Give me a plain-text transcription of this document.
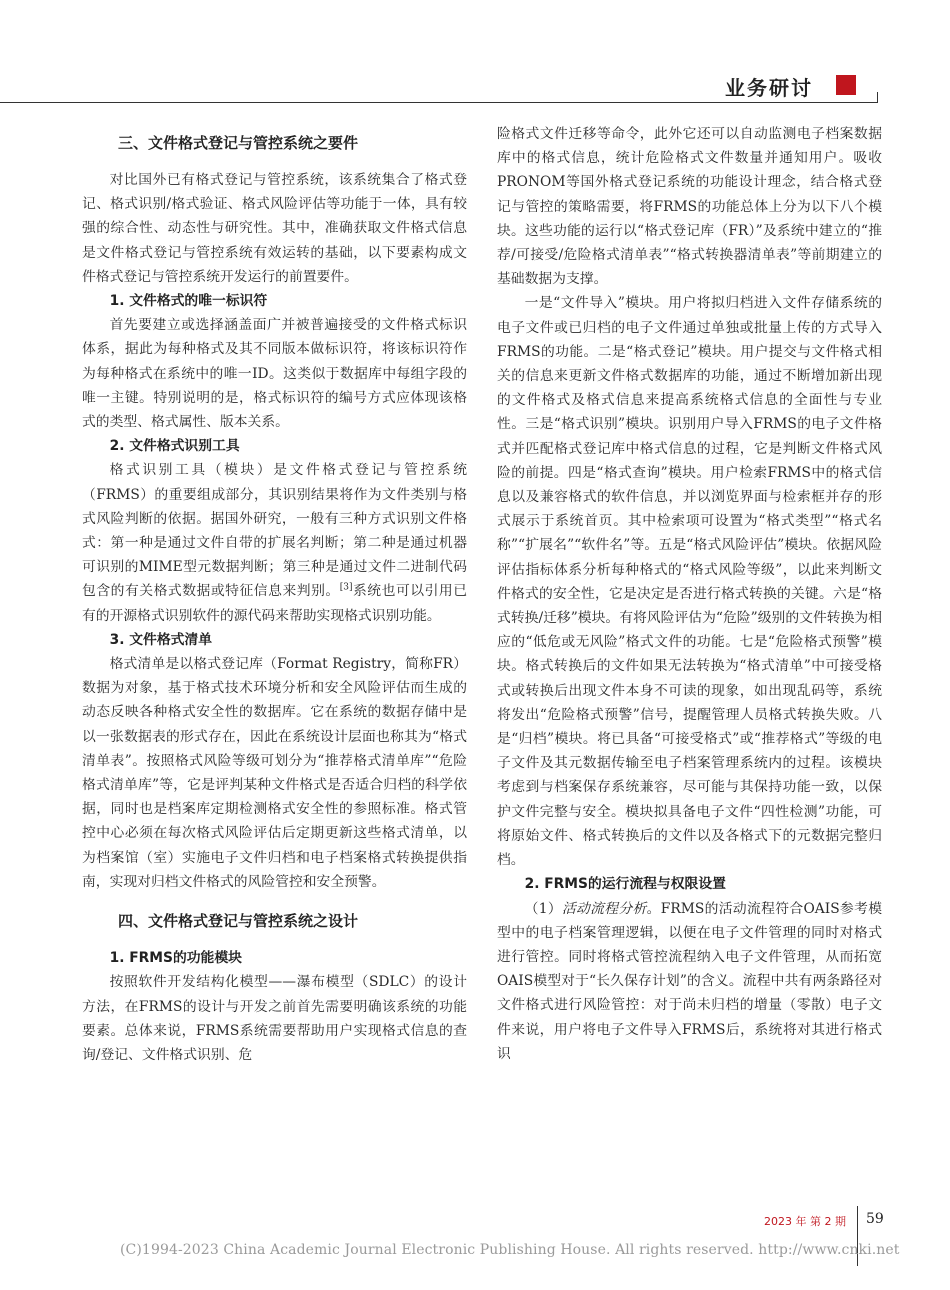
业务研讨
三、文件格式登记与管控系统之要件

对比国外已有格式登记与管控系统，该系统集合了格式登记、格式识别/格式验证、格式风险评估等功能于一体，具有较强的综合性、动态性与研究性。其中，准确获取文件格式信息是文件格式登记与管控系统有效运转的基础，以下要素构成文件格式登记与管控系统开发运行的前置要件。

1. 文件格式的唯一标识符

首先要建立或选择涵盖面广并被普遍接受的文件格式标识体系，据此为每种格式及其不同版本做标识符，将该标识符作为每种格式在系统中的唯一ID。这类似于数据库中每组字段的唯一主键。特别说明的是，格式标识符的编号方式应体现该格式的类型、格式属性、版本关系。

2. 文件格式识别工具

格式识别工具（模块）是文件格式登记与管控系统（FRMS）的重要组成部分，其识别结果将作为文件类别与格式风险判断的依据。据国外研究，一般有三种方式识别文件格式：第一种是通过文件自带的扩展名判断；第二种是通过机器可识别的MIME型元数据判断；第三种是通过文件二进制代码包含的有关格式数据或特征信息来判别。[3]系统也可以引用已有的开源格式识别软件的源代码来帮助实现格式识别功能。

3. 文件格式清单

格式清单是以格式登记库（Format Registry，简称FR）数据为对象，基于格式技术环境分析和安全风险评估而生成的动态反映各种格式安全性的数据库。它在系统的数据存储中是以一张数据表的形式存在，因此在系统设计层面也称其为“格式清单表”。按照格式风险等级可划分为“推荐格式清单库”“危险格式清单库”等，它是评判某种文件格式是否适合归档的科学依据，同时也是档案库定期检测格式安全性的参照标准。格式管控中心必须在每次格式风险评估后定期更新这些格式清单，以为档案馆（室）实施电子文件归档和电子档案格式转换提供指南，实现对归档文件格式的风险管控和安全预警。

四、文件格式登记与管控系统之设计
1. FRMS的功能模块

按照软件开发结构化模型——瀑布模型（SDLC）的设计方法，在FRMS的设计与开发之前首先需要明确该系统的功能要素。总体来说，FRMS系统需要帮助用户实现格式信息的查询/登记、文件格式识别、危

险格式文件迁移等命令，此外它还可以自动监测电子档案数据库中的格式信息，统计危险格式文件数量并通知用户。吸收PRONOM等国外格式登记系统的功能设计理念，结合格式登记与管控的策略需要，将FRMS的功能总体上分为以下八个模块。这些功能的运行以“格式登记库（FR）”及系统中建立的“推荐/可接受/危险格式清单表”“格式转换器清单表”等前期建立的基础数据为支撑。

一是“文件导入”模块。用户将拟归档进入文件存储系统的电子文件或已归档的电子文件通过单独或批量上传的方式导入FRMS的功能。二是“格式登记”模块。用户提交与文件格式相关的信息来更新文件格式数据库的功能，通过不断增加新出现的文件格式及格式信息来提高系统格式信息的全面性与专业性。三是“格式识别”模块。识别用户导入FRMS的电子文件格式并匹配格式登记库中格式信息的过程，它是判断文件格式风险的前提。四是“格式查询”模块。用户检索FRMS中的格式信息以及兼容格式的软件信息，并以浏览界面与检索框并存的形式展示于系统首页。其中检索项可设置为“格式类型”“格式名称”“扩展名”“软件名”等。五是“格式风险评估”模块。依据风险评估指标体系分析每种格式的“格式风险等级”，以此来判断文件格式的安全性，它是决定是否进行格式转换的关键。六是“格式转换/迁移”模块。有将风险评估为“危险”级别的文件转换为相应的“低危或无风险”格式文件的功能。七是“危险格式预警”模块。格式转换后的文件如果无法转换为“格式清单”中可接受格式或转换后出现文件本身不可读的现象，如出现乱码等，系统将发出“危险格式预警”信号，提醒管理人员格式转换失败。八是“归档”模块。将已具备“可接受格式”或“推荐格式”等级的电子文件及其元数据传输至电子档案管理系统内的过程。该模块考虑到与档案保存系统兼容，尽可能与其保持功能一致，以保护文件完整与安全。模块拟具备电子文件“四性检测”功能，可将原始文件、格式转换后的文件以及各格式下的元数据完整归档。

2. FRMS的运行流程与权限设置

（1）活动流程分析。FRMS的活动流程符合OAIS参考模型中的电子档案管理逻辑，以便在电子文件管理的同时对格式进行管控。同时将格式管控流程纳入电子文件管理，从而拓宽OAIS模型对于“长久保存计划”的含义。流程中共有两条路径对文件格式进行风险管控：对于尚未归档的增量（零散）电子文件来说，用户将电子文件导入FRMS后，系统将对其进行格式识

2023 年 第 2 期 59
(C)1994-2023 China Academic Journal Electronic Publishing House. All rights reserved. http://www.cnki.net
